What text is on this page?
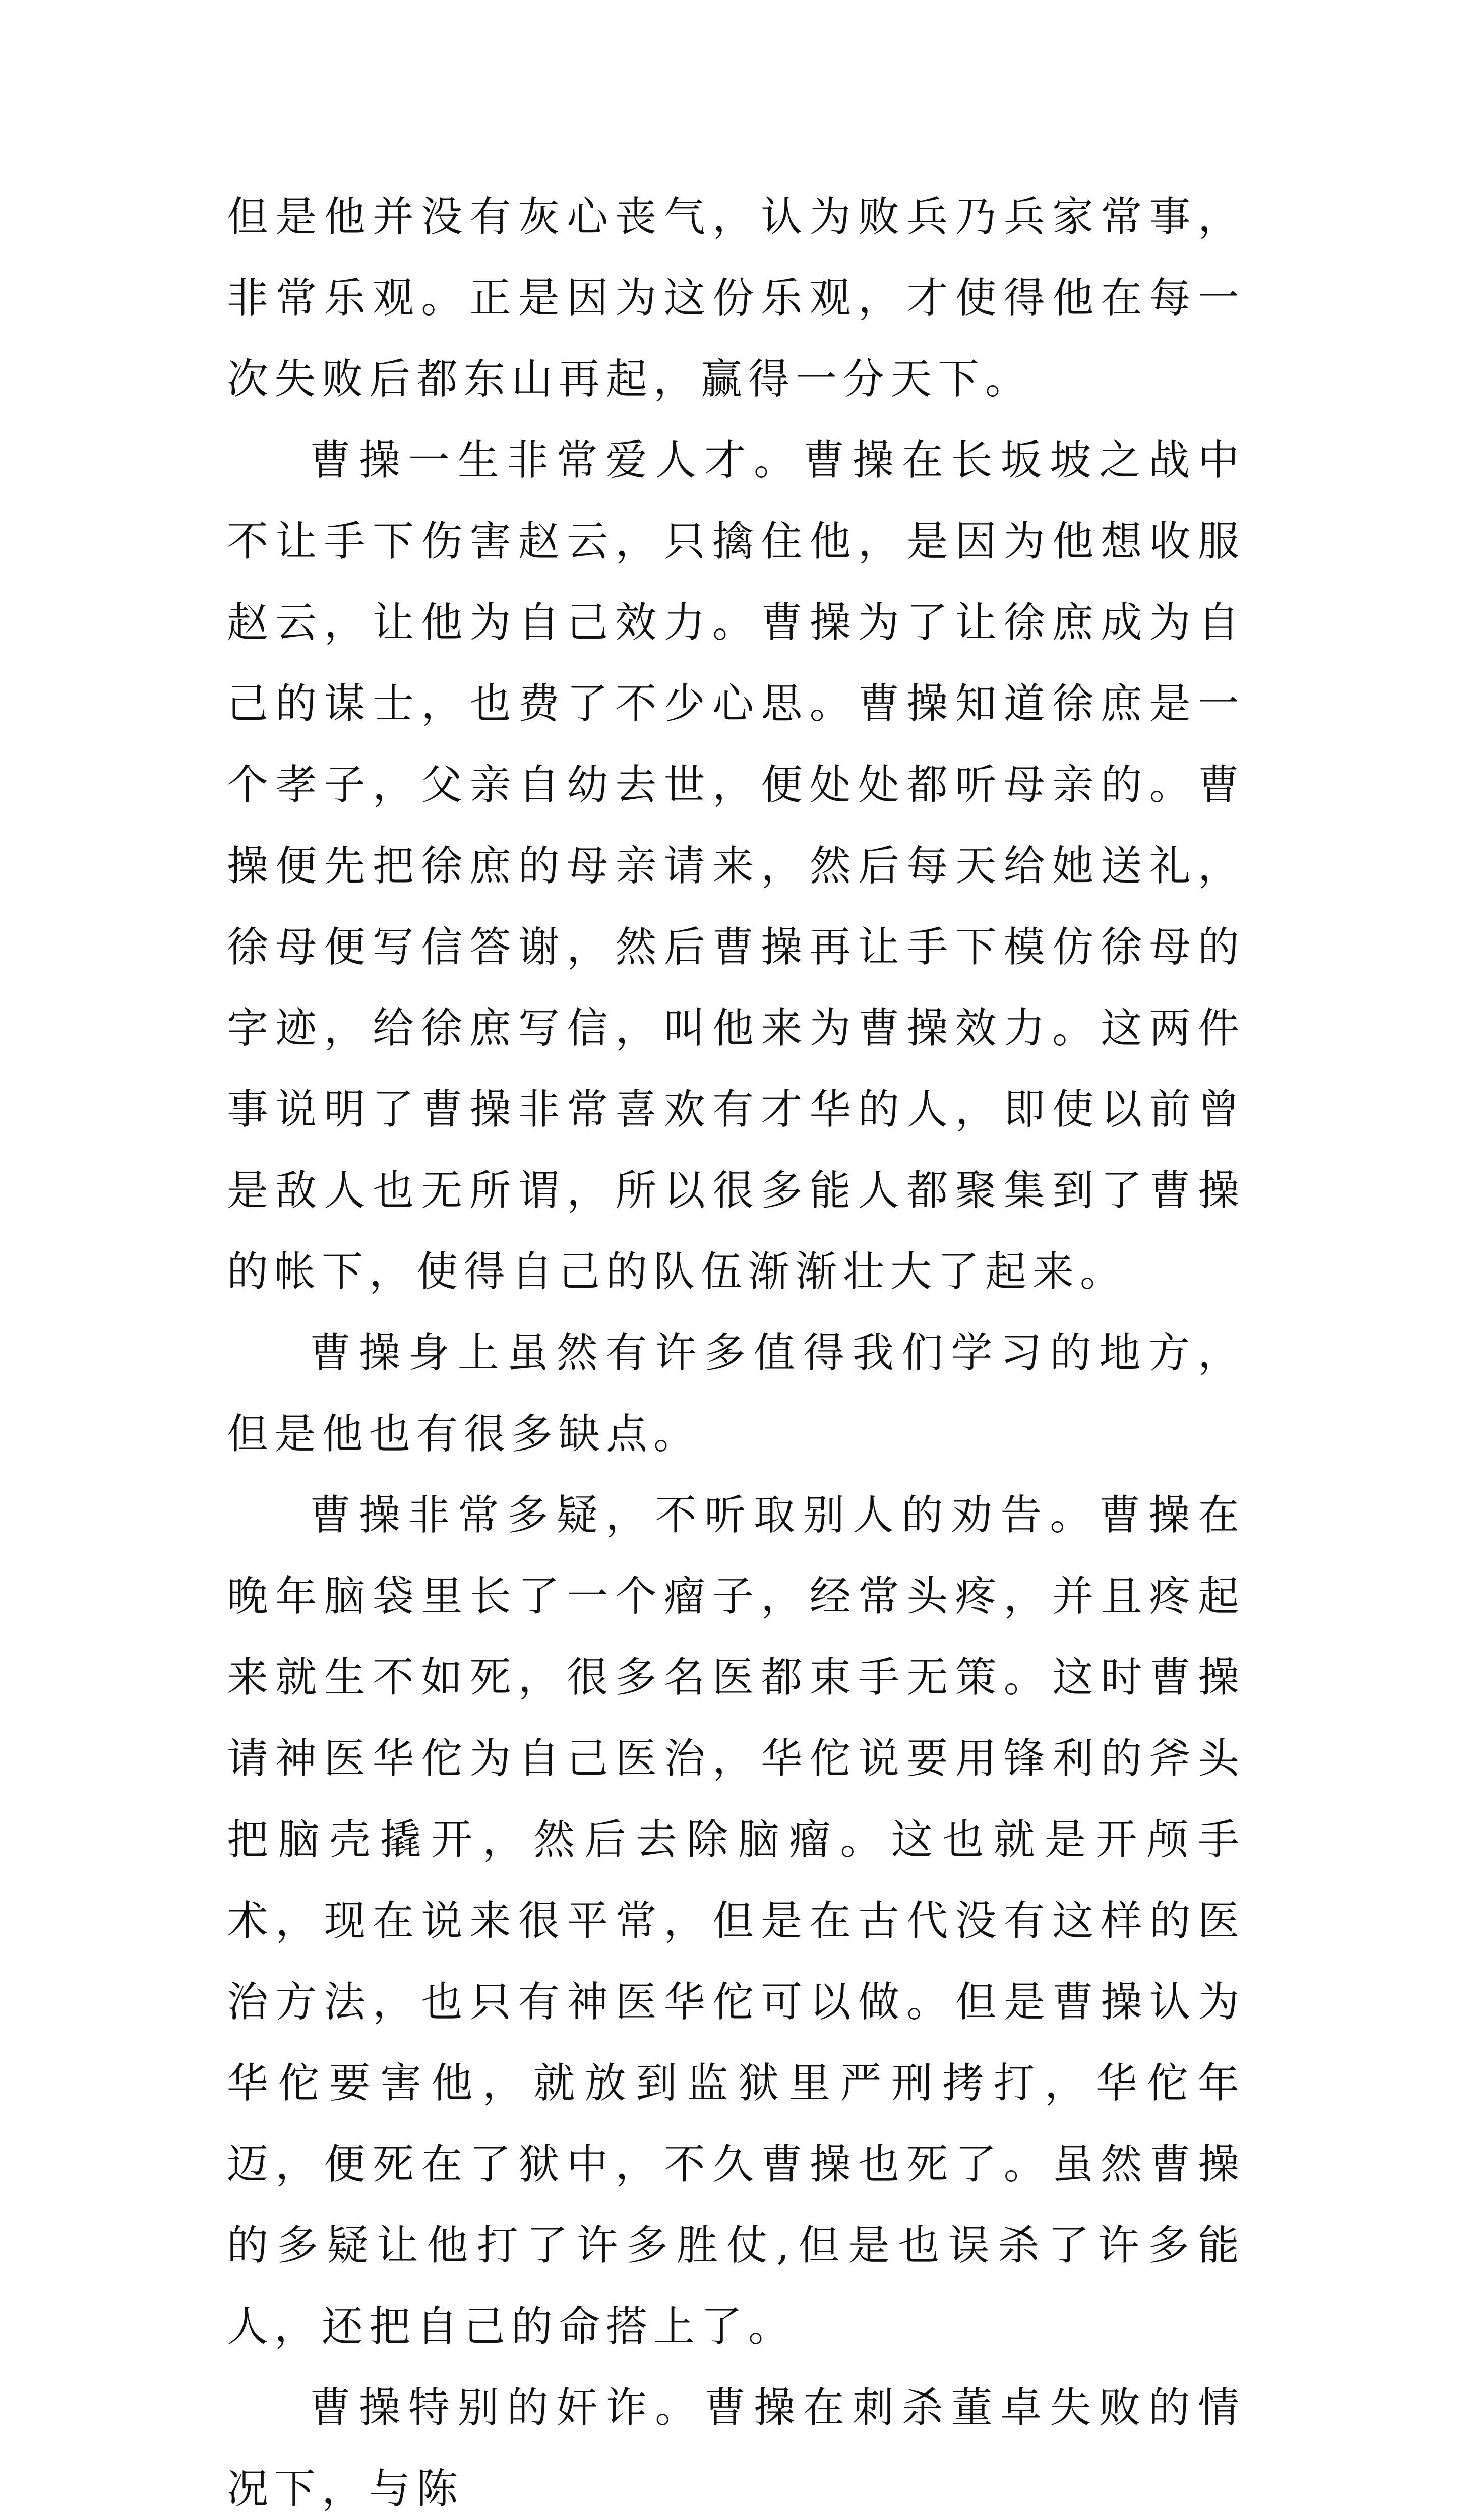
但是他并没有灰心丧气，认为败兵乃兵家常事，非常乐观。正是因为这份乐观，才使得他在每一次失败后都东山再起，赢得一分天下。

曹操一生非常爱人才。曹操在长坂坡之战中不让手下伤害赵云，只擒住他，是因为他想收服赵云，让他为自己效力。曹操为了让徐庶成为自己的谋士，也费了不少心思。曹操知道徐庶是一个孝子，父亲自幼去世，便处处都听母亲的。曹操便先把徐庶的母亲请来，然后每天给她送礼，徐母便写信答谢，然后曹操再让手下模仿徐母的字迹，给徐庶写信，叫他来为曹操效力。这两件事说明了曹操非常喜欢有才华的人，即使以前曾是敌人也无所谓，所以很多能人都聚集到了曹操的帐下，使得自己的队伍渐渐壮大了起来。

曹操身上虽然有许多值得我们学习的地方，但是他也有很多缺点。

曹操非常多疑，不听取别人的劝告。曹操在晚年脑袋里长了一个瘤子，经常头疼，并且疼起来就生不如死，很多名医都束手无策。这时曹操请神医华佗为自己医治，华佗说要用锋利的斧头把脑壳撬开，然后去除脑瘤。这也就是开颅手术，现在说来很平常，但是在古代没有这样的医治方法，也只有神医华佗可以做。但是曹操认为华佗要害他，就放到监狱里严刑拷打，华佗年迈，便死在了狱中，不久曹操也死了。虽然曹操的多疑让他打了许多胜仗,但是也误杀了许多能人，还把自己的命搭上了。

曹操特别的奸诈。曹操在刺杀董卓失败的情况下，与陈
